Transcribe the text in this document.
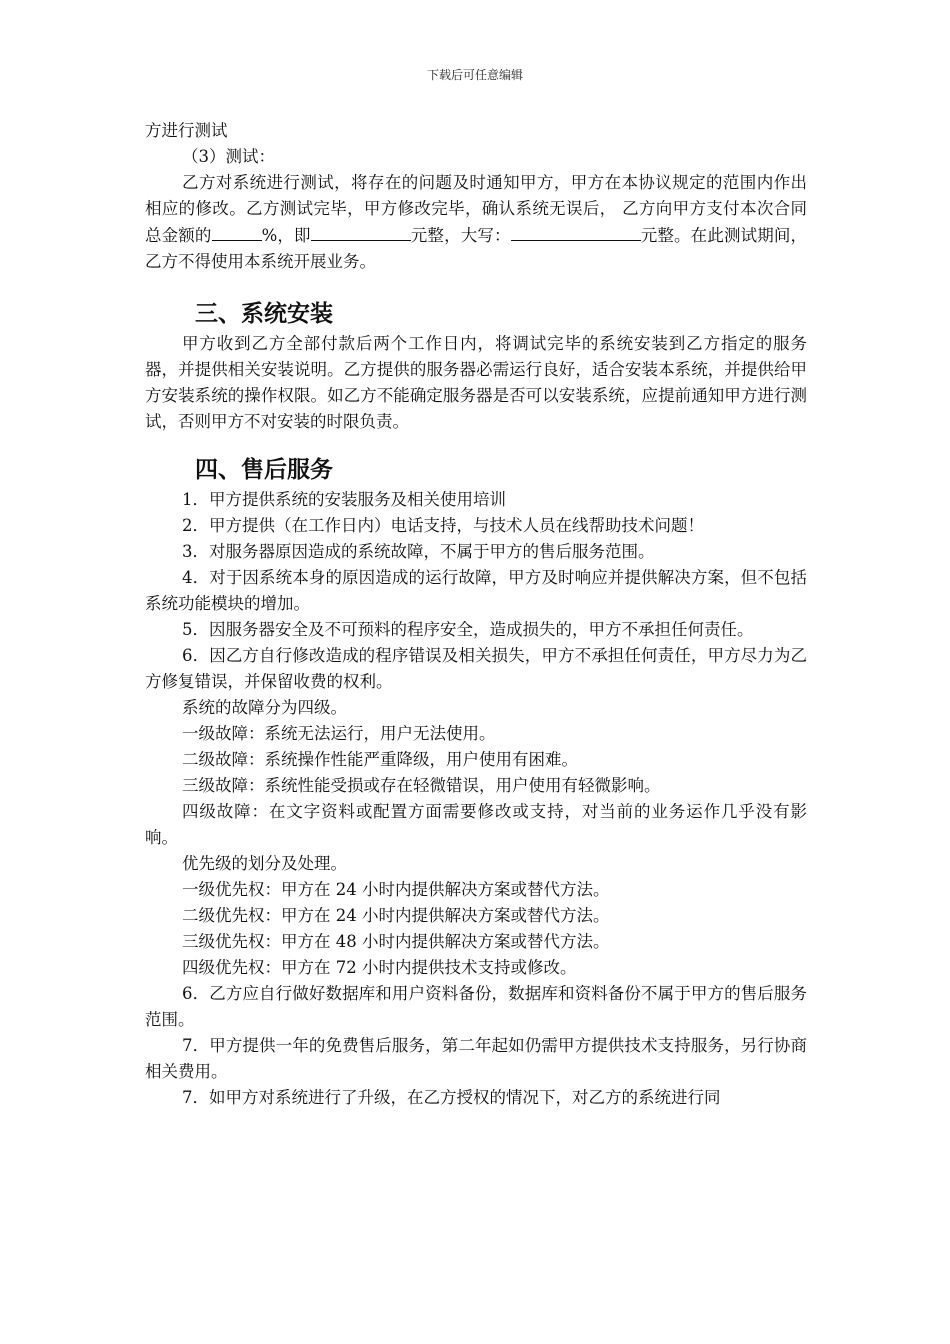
下载后可任意编辑

方进行测试

（3）测试：

乙方对系统进行测试，将存在的问题及时通知甲方，甲方在本协议规定的范围内作出相应的修改。乙方测试完毕，甲方修改完毕，确认系统无误后， 乙方向甲方支付本次合同总金额的	%，即	元整，大写：	元整。在此测试期间， 乙方不得使用本系统开展业务。

三、系统安装

甲方收到乙方全部付款后两个工作日内，将调试完毕的系统安装到乙方指定的服务器，并提供相关安装说明。乙方提供的服务器必需运行良好，适合安装本系统，并提供给甲方安装系统的操作权限。如乙方不能确定服务器是否可以安装系统，应提前通知甲方进行测试，否则甲方不对安装的时限负责。

四、售后服务

1．甲方提供系统的安装服务及相关使用培训

2．甲方提供（在工作日内）电话支持，与技术人员在线帮助技术问题！

3．对服务器原因造成的系统故障，不属于甲方的售后服务范围。

4．对于因系统本身的原因造成的运行故障，甲方及时响应并提供解决方案，但不包括系统功能模块的增加。

5．因服务器安全及不可预料的程序安全，造成损失的，甲方不承担任何责任。

6．因乙方自行修改造成的程序错误及相关损失，甲方不承担任何责任，甲方尽力为乙方修复错误，并保留收费的权利。

系统的故障分为四级。

一级故障：系统无法运行，用户无法使用。

二级故障：系统操作性能严重降级，用户使用有困难。

三级故障：系统性能受损或存在轻微错误，用户使用有轻微影响。

四级故障：在文字资料或配置方面需要修改或支持，对当前的业务运作几乎没有影响。

优先级的划分及处理。

一级优先权：甲方在 24 小时内提供解决方案或替代方法。

二级优先权：甲方在 24 小时内提供解决方案或替代方法。

三级优先权：甲方在 48 小时内提供解决方案或替代方法。

四级优先权：甲方在 72 小时内提供技术支持或修改。

6．乙方应自行做好数据库和用户资料备份，数据库和资料备份不属于甲方的售后服务范围。

7．甲方提供一年的免费售后服务，第二年起如仍需甲方提供技术支持服务，另行协商相关费用。

7．如甲方对系统进行了升级，在乙方授权的情况下，对乙方的系统进行同
